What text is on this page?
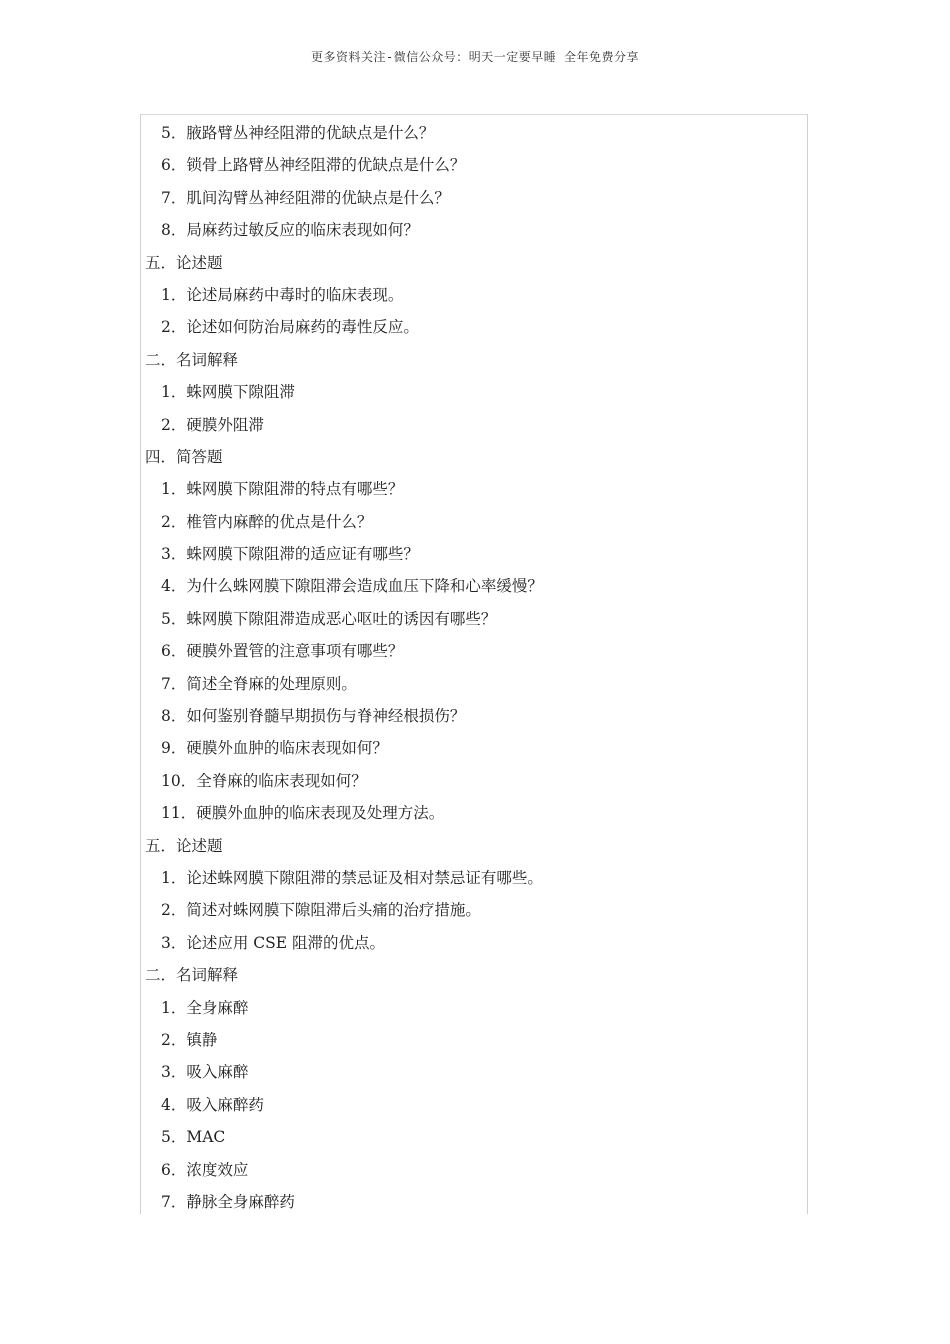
更多资料关注-微信公众号：明天一定要早睡 全年免费分享
5．腋路臂丛神经阻滞的优缺点是什么？
6．锁骨上路臂丛神经阻滞的优缺点是什么？
7．肌间沟臂丛神经阻滞的优缺点是什么？
8．局麻药过敏反应的临床表现如何？
五．论述题
1．论述局麻药中毒时的临床表现。
2．论述如何防治局麻药的毒性反应。
二．名词解释
1．蛛网膜下隙阻滞
2．硬膜外阻滞
四．简答题
1．蛛网膜下隙阻滞的特点有哪些？
2．椎管内麻醉的优点是什么？
3．蛛网膜下隙阻滞的适应证有哪些？
4．为什么蛛网膜下隙阻滞会造成血压下降和心率缓慢？
5．蛛网膜下隙阻滞造成恶心呕吐的诱因有哪些？
6．硬膜外置管的注意事项有哪些？
7．简述全脊麻的处理原则。
8．如何鉴别脊髓早期损伤与脊神经根损伤？
9．硬膜外血肿的临床表现如何？
10．全脊麻的临床表现如何？
11．硬膜外血肿的临床表现及处理方法。
五．论述题
1．论述蛛网膜下隙阻滞的禁忌证及相对禁忌证有哪些。
2．简述对蛛网膜下隙阻滞后头痛的治疗措施。
3．论述应用 CSE 阻滞的优点。
二．名词解释
1．全身麻醉
2．镇静
3．吸入麻醉
4．吸入麻醉药
5．MAC
6．浓度效应
7．静脉全身麻醉药
